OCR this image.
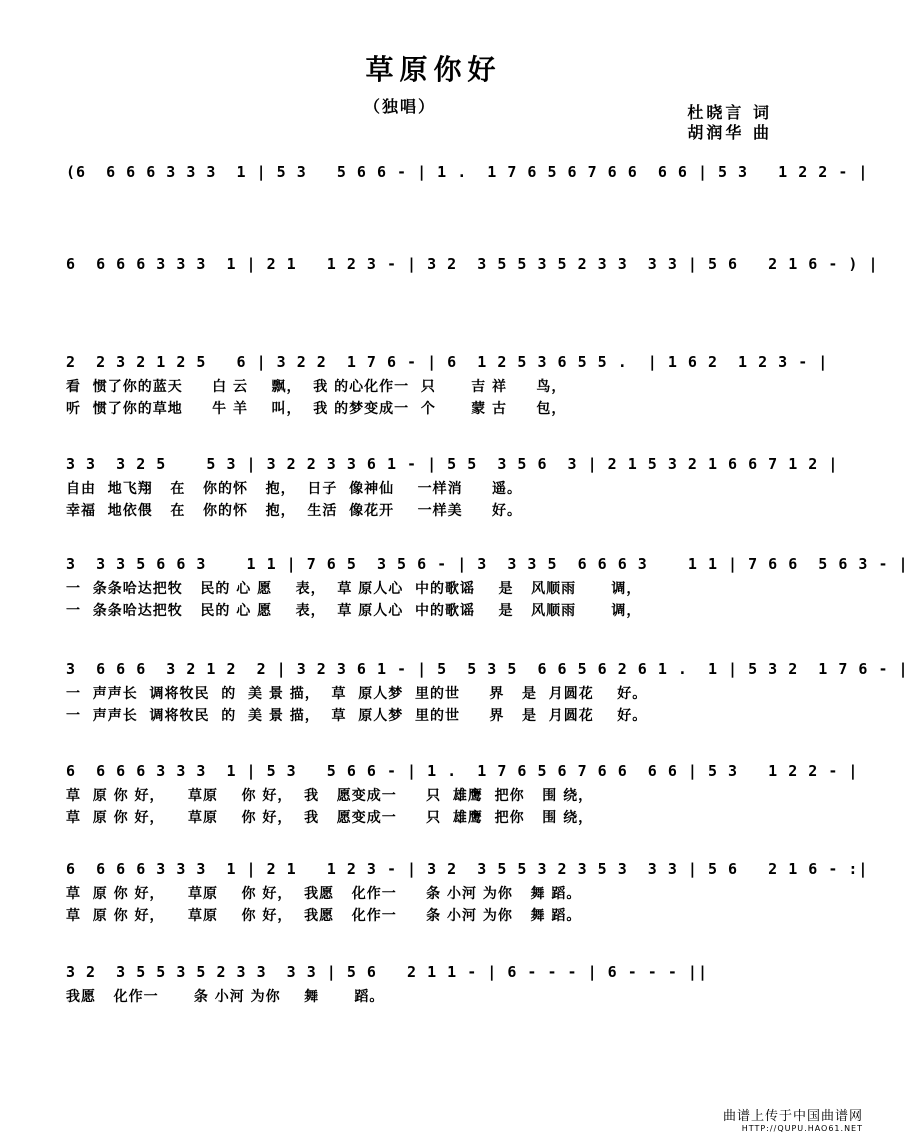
草原你好
（独唱）	杜晓言 词
胡润华 曲
(6  6 6 6 3 3 3  1 | 5 3   5 6 6 - | 1 .  1 7 6 5 6 7 6 6  6 6 | 5 3   1 2 2 - |
6  6 6 6 3 3 3  1 | 2 1   1 2 3 - | 3 2  3 5 5 3 5 2 3 3  3 3 | 5 6   2 1 6 - ) |
2  2 3 2 1 2 5   6 | 3 2 2  1 7 6 - | 6  1 2 5 3 6 5 5 .  | 1 6 2  1 2 3 - |
看  惯了你的蓝天     白 云    飘，  我 的心化作一  只      吉 祥     鸟，
听  惯了你的草地     牛 羊    叫，  我 的梦变成一  个      蒙 古     包，
3 3  3 2 5    5 3 | 3 2 2 3 3 6 1 - | 5 5  3 5 6  3 | 2 1 5 3 2 1 6 6 7 1 2 |
自由  地飞翔   在   你的怀   抱，  日子  像神仙    一样消     遥。
幸福  地依偎   在   你的怀   抱，  生活  像花开    一样美     好。
3  3 3 5 6 6 3    1 1 | 7 6 5  3 5 6 - | 3  3 3 5  6 6 6 3    1 1 | 7 6 6  5 6 3 - |
一  条条哈达把牧   民的 心 愿    表，  草 原人心  中的歌谣    是   风顺雨      调，
一  条条哈达把牧   民的 心 愿    表，  草 原人心  中的歌谣    是   风顺雨      调，
3  6 6 6  3 2 1 2  2 | 3 2 3 6 1 - | 5  5 3 5  6 6 5 6 2 6 1 .  1 | 5 3 2  1 7 6 - |
一  声声长  调将牧民  的  美 景 描，  草  原人梦  里的世     界   是  月圆花    好。
一  声声长  调将牧民  的  美 景 描，  草  原人梦  里的世     界   是  月圆花    好。
6  6 6 6 3 3 3  1 | 5 3   5 6 6 - | 1 .  1 7 6 5 6 7 6 6  6 6 | 5 3   1 2 2 - |
草  原 你 好，    草原    你 好，  我   愿变成一     只  雄鹰  把你   围 绕，
草  原 你 好，    草原    你 好，  我   愿变成一     只  雄鹰  把你   围 绕，
6  6 6 6 3 3 3  1 | 2 1   1 2 3 - | 3 2  3 5 5 3 2 3 5 3  3 3 | 5 6   2 1 6 - :|
草  原 你 好，    草原    你 好，  我愿   化作一     条 小河 为你   舞 蹈。
草  原 你 好，    草原    你 好，  我愿   化作一     条 小河 为你   舞 蹈。
3 2  3 5 5 3 5 2 3 3  3 3 | 5 6   2 1 1 - | 6 - - - | 6 - - - ||
我愿   化作一      条 小河 为你    舞      蹈。
曲谱上传于中国曲谱网
HTTP://QUPU.HAO61.NET
